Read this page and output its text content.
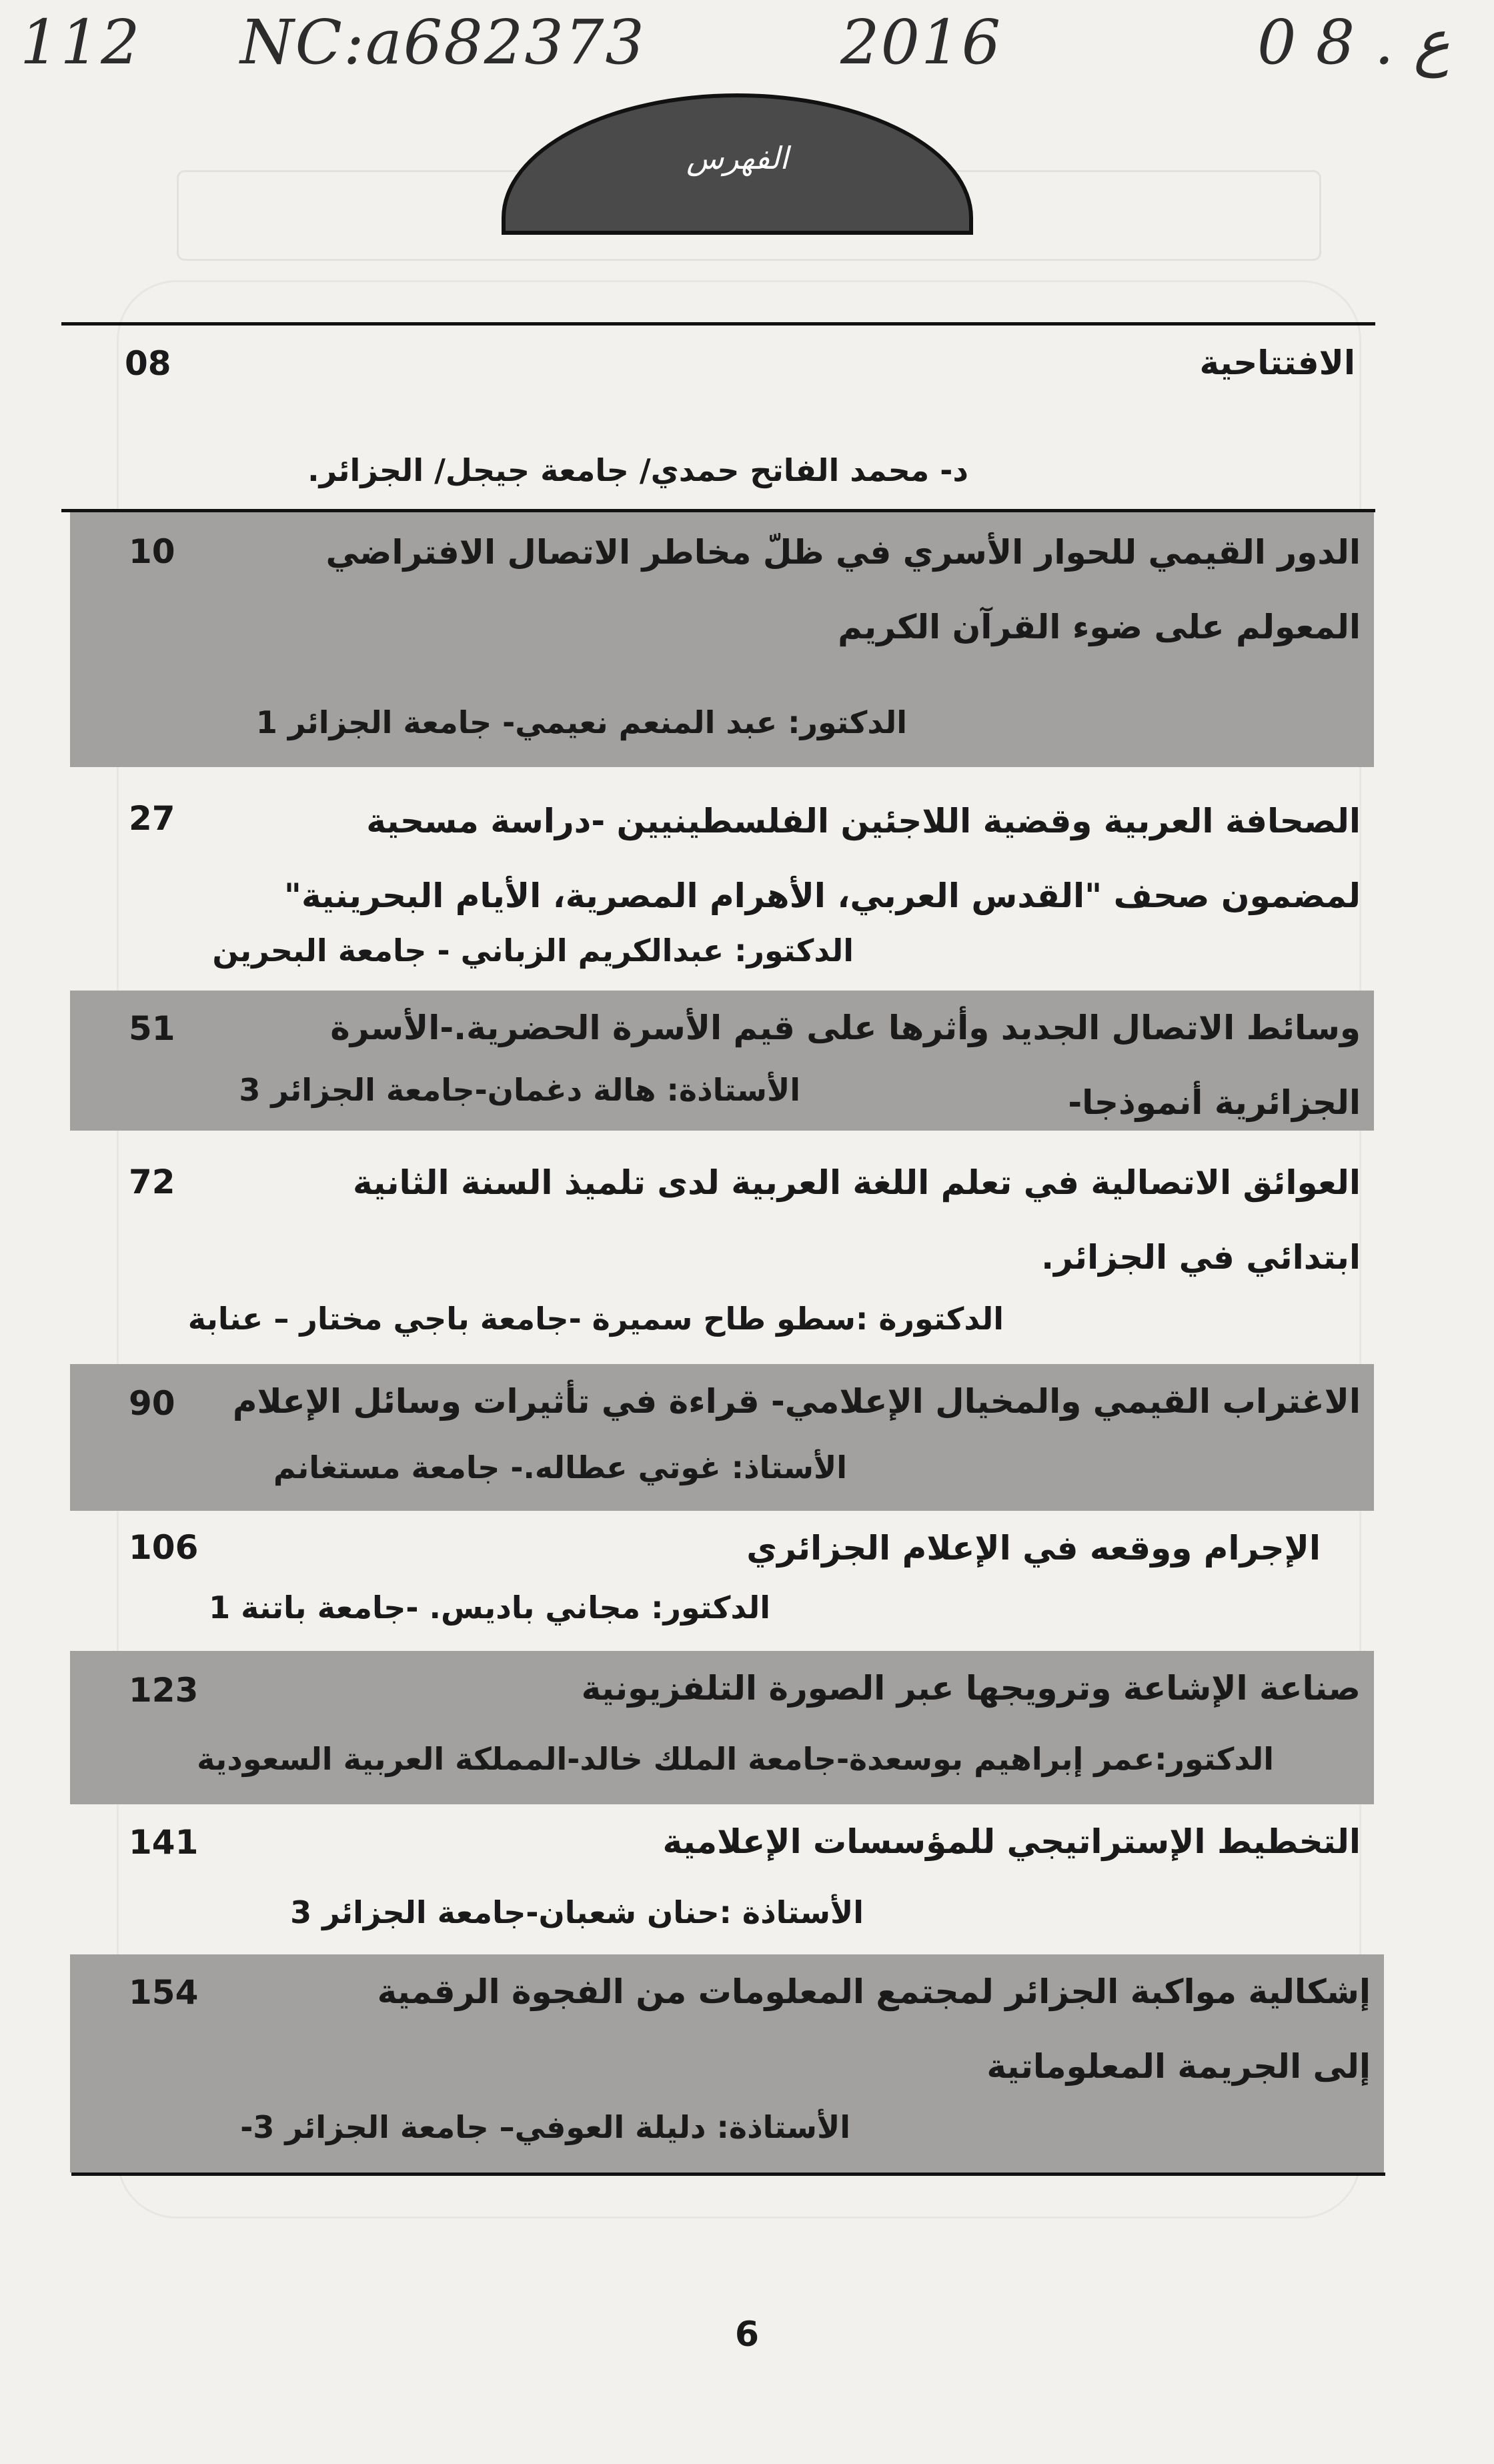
112 NC:a682373	2016	ع . 8 0
الفهرس
الافتتاحية
د- محمد الفاتح حمدي/ جامعة جيجل/ الجزائر.
08
الدور القيمي للحوار الأسري في ظلّ مخاطر الاتصال الافتراضي المعولم على ضوء القرآن الكريم
الدكتور: عبد المنعم نعيمي- جامعة الجزائر 1
10
الصحافة العربية وقضية اللاجئين الفلسطينيين -دراسة مسحية لمضمون صحف "القدس العربي، الأهرام المصرية، الأيام البحرينية"
الدكتور: عبدالكريم الزباني - جامعة البحرين
27
وسائط الاتصال الجديد وأثرها على قيم الأسرة الحضرية.-الأسرة الجزائرية أنموذجا-
الأستاذة: هالة دغمان-جامعة الجزائر 3
51
العوائق الاتصالية في تعلم اللغة العربية لدى تلميذ السنة الثانية ابتدائي في الجزائر.
الدكتورة :سطو طاح سميرة -جامعة باجي مختار – عنابة
72
الاغتراب القيمي والمخيال الإعلامي- قراءة في تأثيرات وسائل الإعلام
الأستاذ: غوتي عطاله.- جامعة مستغانم
90
الإجرام ووقعه في الإعلام الجزائري
الدكتور: مجاني باديس. -جامعة باتنة 1
106
صناعة الإشاعة وترويجها عبر الصورة التلفزيونية
الدكتور:عمر إبراهيم بوسعدة-جامعة الملك خالد-المملكة العربية السعودية
123
التخطيط الإستراتيجي للمؤسسات الإعلامية
الأستاذة :حنان شعبان-جامعة الجزائر 3
141
إشكالية مواكبة الجزائر لمجتمع المعلومات من الفجوة الرقمية إلى الجريمة المعلوماتية
الأستاذة: دليلة العوفي– جامعة الجزائر 3-
154
6
